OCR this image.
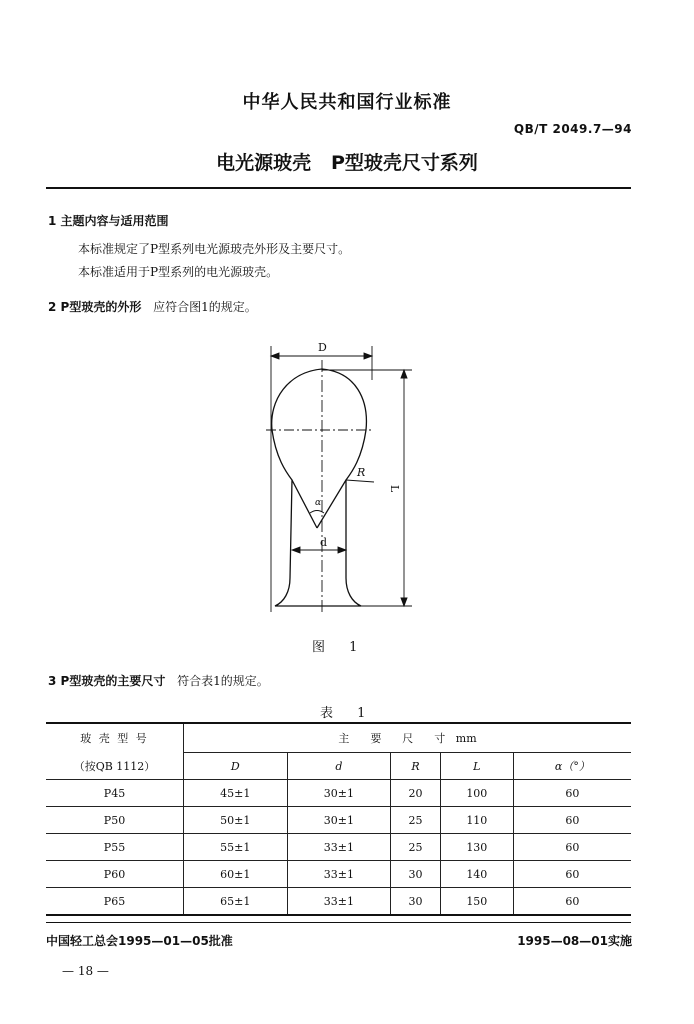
中华人民共和国行业标准
QB/T 2049.7—94
电光源玻壳   P型玻壳尺寸系列
1 主题内容与适用范围
本标准规定了P型系列电光源玻壳外形及主要尺寸。
本标准适用于P型系列的电光源玻壳。
2 P型玻壳的外形 应符合图1的规定。
D
L
R
d
α
图 1
3 P型玻壳的主要尺寸 符合表1的规定。
表 1
玻 壳 型 号	主      要      尺      寸   mm				
（按QB 1112）	D	d	R	L	α（°）
P45	45±1	30±1	20	100	60
P50	50±1	30±1	25	110	60
P55	55±1	33±1	25	130	60
P60	60±1	33±1	30	140	60
P65	65±1	33±1	30	150	60
中国轻工总会1995—01—05批准	1995—08—01实施
— 18 —
